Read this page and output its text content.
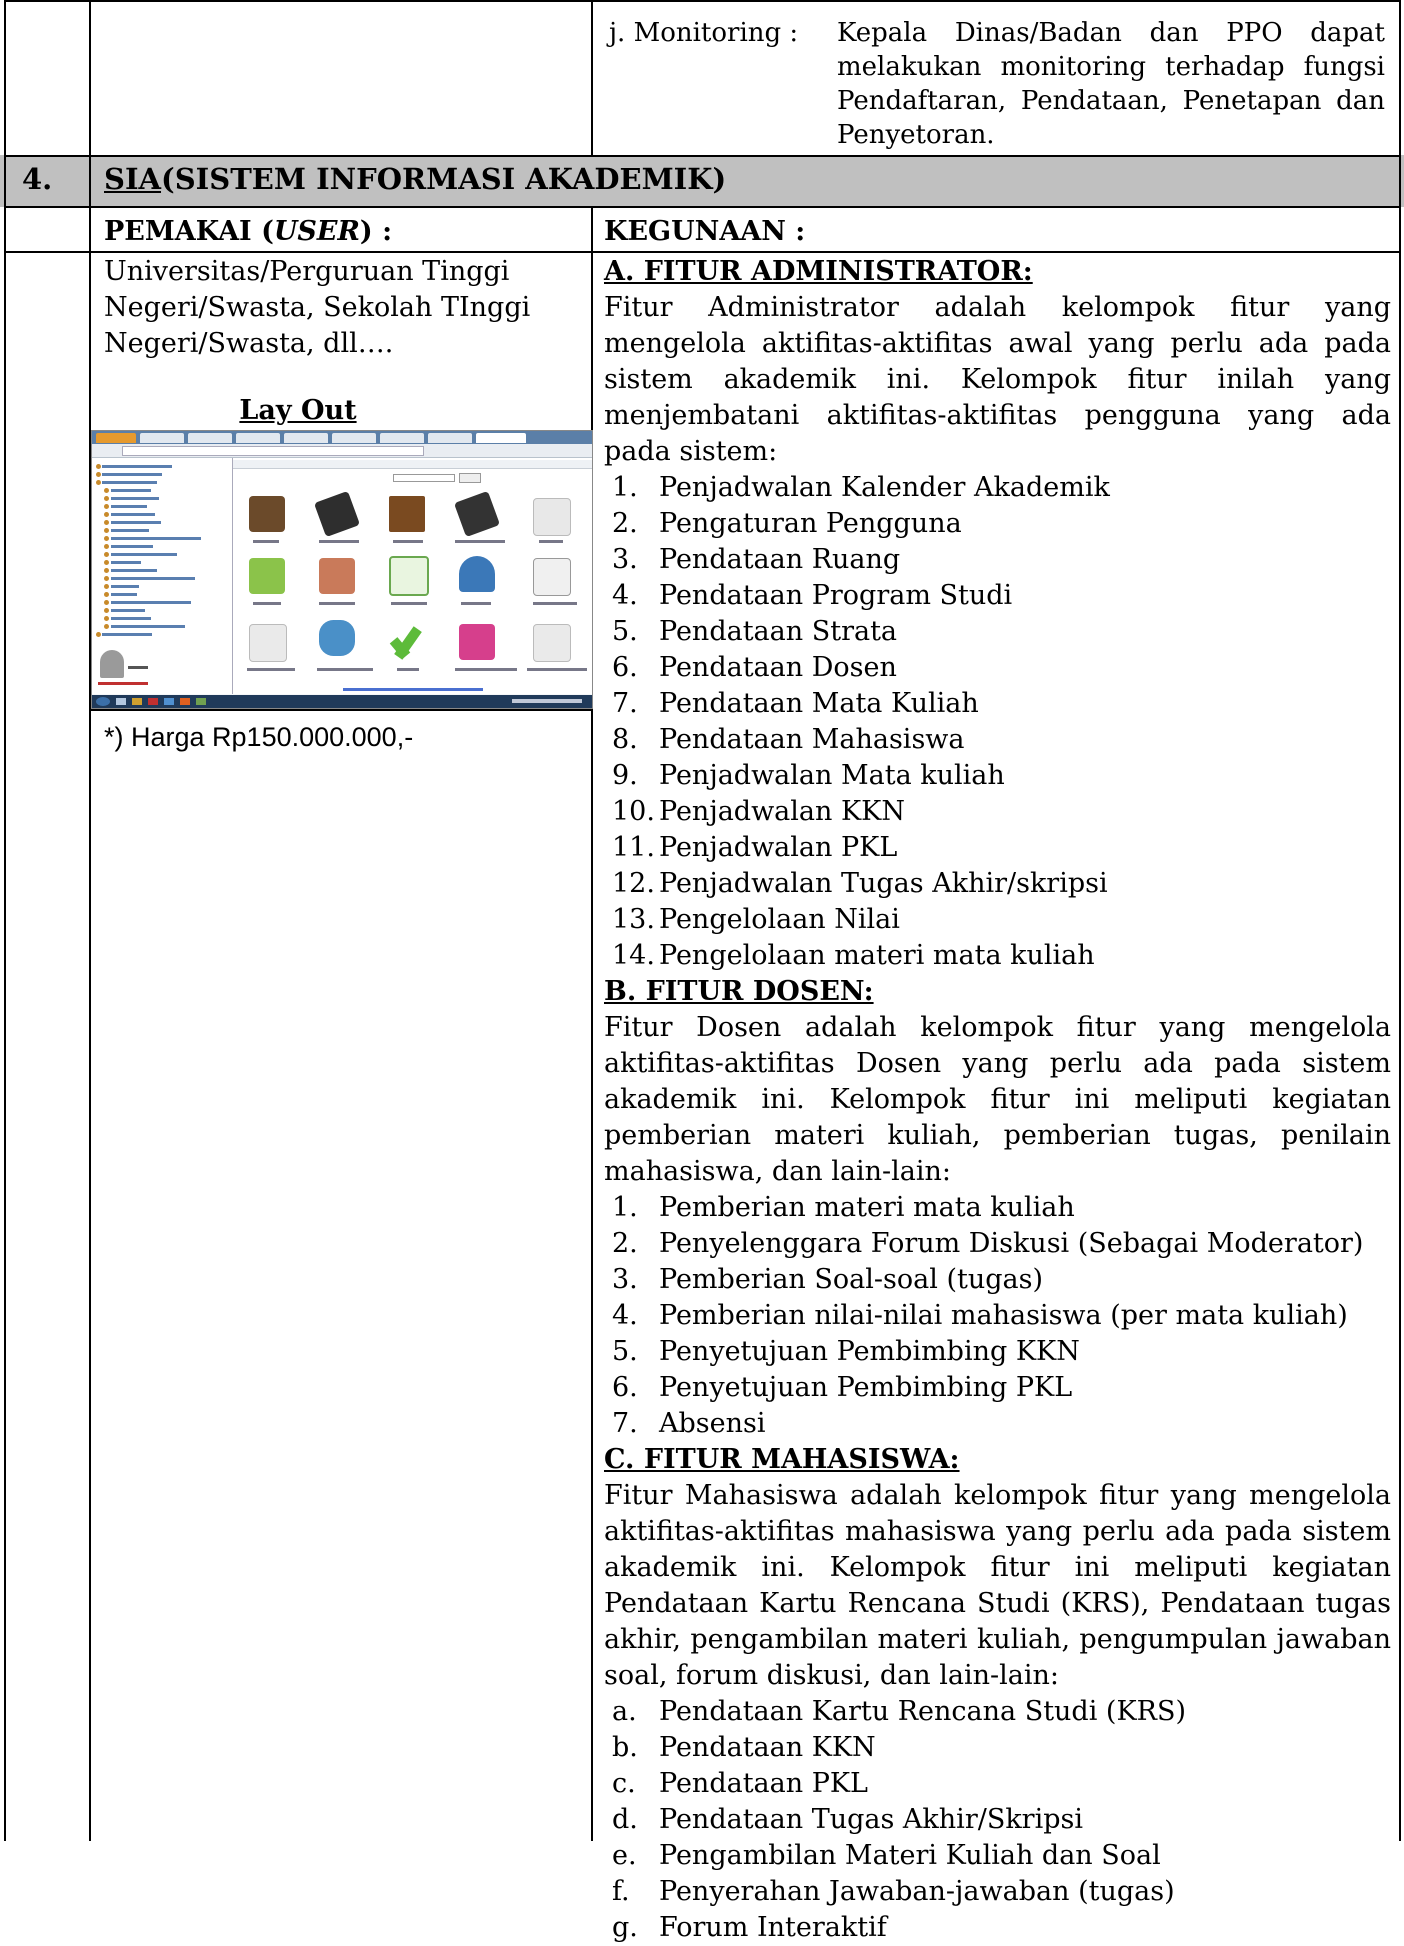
j. Monitoring : Kepala Dinas/Badan dan PPO dapat melakukan monitoring terhadap fungsi Pendaftaran, Pendataan, Penetapan dan Penyetoran.
4. SIA(SISTEM INFORMASI AKADEMIK)
PEMAKAI (USER) :	KEGUNAAN :
Universitas/Perguruan Tinggi
Negeri/Swasta, Sekolah TInggi
Negeri/Swasta, dll….
Lay Out
*) Harga Rp150.000.000,-
A. FITUR ADMINISTRATOR:
Fitur Administrator adalah kelompok fitur yang mengelola aktifitas-aktifitas awal yang perlu ada pada sistem akademik ini. Kelompok fitur inilah yang menjembatani aktifitas-aktifitas pengguna yang ada pada sistem:
1. Penjadwalan Kalender Akademik
2. Pengaturan Pengguna
3. Pendataan Ruang
4. Pendataan Program Studi
5. Pendataan Strata
6. Pendataan Dosen
7. Pendataan Mata Kuliah
8. Pendataan Mahasiswa
9. Penjadwalan Mata kuliah
10. Penjadwalan KKN
11. Penjadwalan PKL
12. Penjadwalan Tugas Akhir/skripsi
13. Pengelolaan Nilai
14. Pengelolaan materi mata kuliah
B. FITUR DOSEN:
Fitur Dosen adalah kelompok fitur yang mengelola aktifitas-aktifitas Dosen yang perlu ada pada sistem akademik ini. Kelompok fitur ini meliputi kegiatan pemberian materi kuliah, pemberian tugas, penilain mahasiswa, dan lain-lain:
1. Pemberian materi mata kuliah
2. Penyelenggara Forum Diskusi (Sebagai Moderator)
3. Pemberian Soal-soal (tugas)
4. Pemberian nilai-nilai mahasiswa (per mata kuliah)
5. Penyetujuan Pembimbing KKN
6. Penyetujuan Pembimbing PKL
7. Absensi
C. FITUR MAHASISWA:
Fitur Mahasiswa adalah kelompok fitur yang mengelola aktifitas-aktifitas mahasiswa yang perlu ada pada sistem akademik ini. Kelompok fitur ini meliputi kegiatan Pendataan Kartu Rencana Studi (KRS), Pendataan tugas akhir, pengambilan materi kuliah, pengumpulan jawaban soal, forum diskusi, dan lain-lain:
a. Pendataan Kartu Rencana Studi (KRS)
b. Pendataan KKN
c. Pendataan PKL
d. Pendataan Tugas Akhir/Skripsi
e. Pengambilan Materi Kuliah dan Soal
f. Penyerahan Jawaban-jawaban (tugas)
g. Forum Interaktif
